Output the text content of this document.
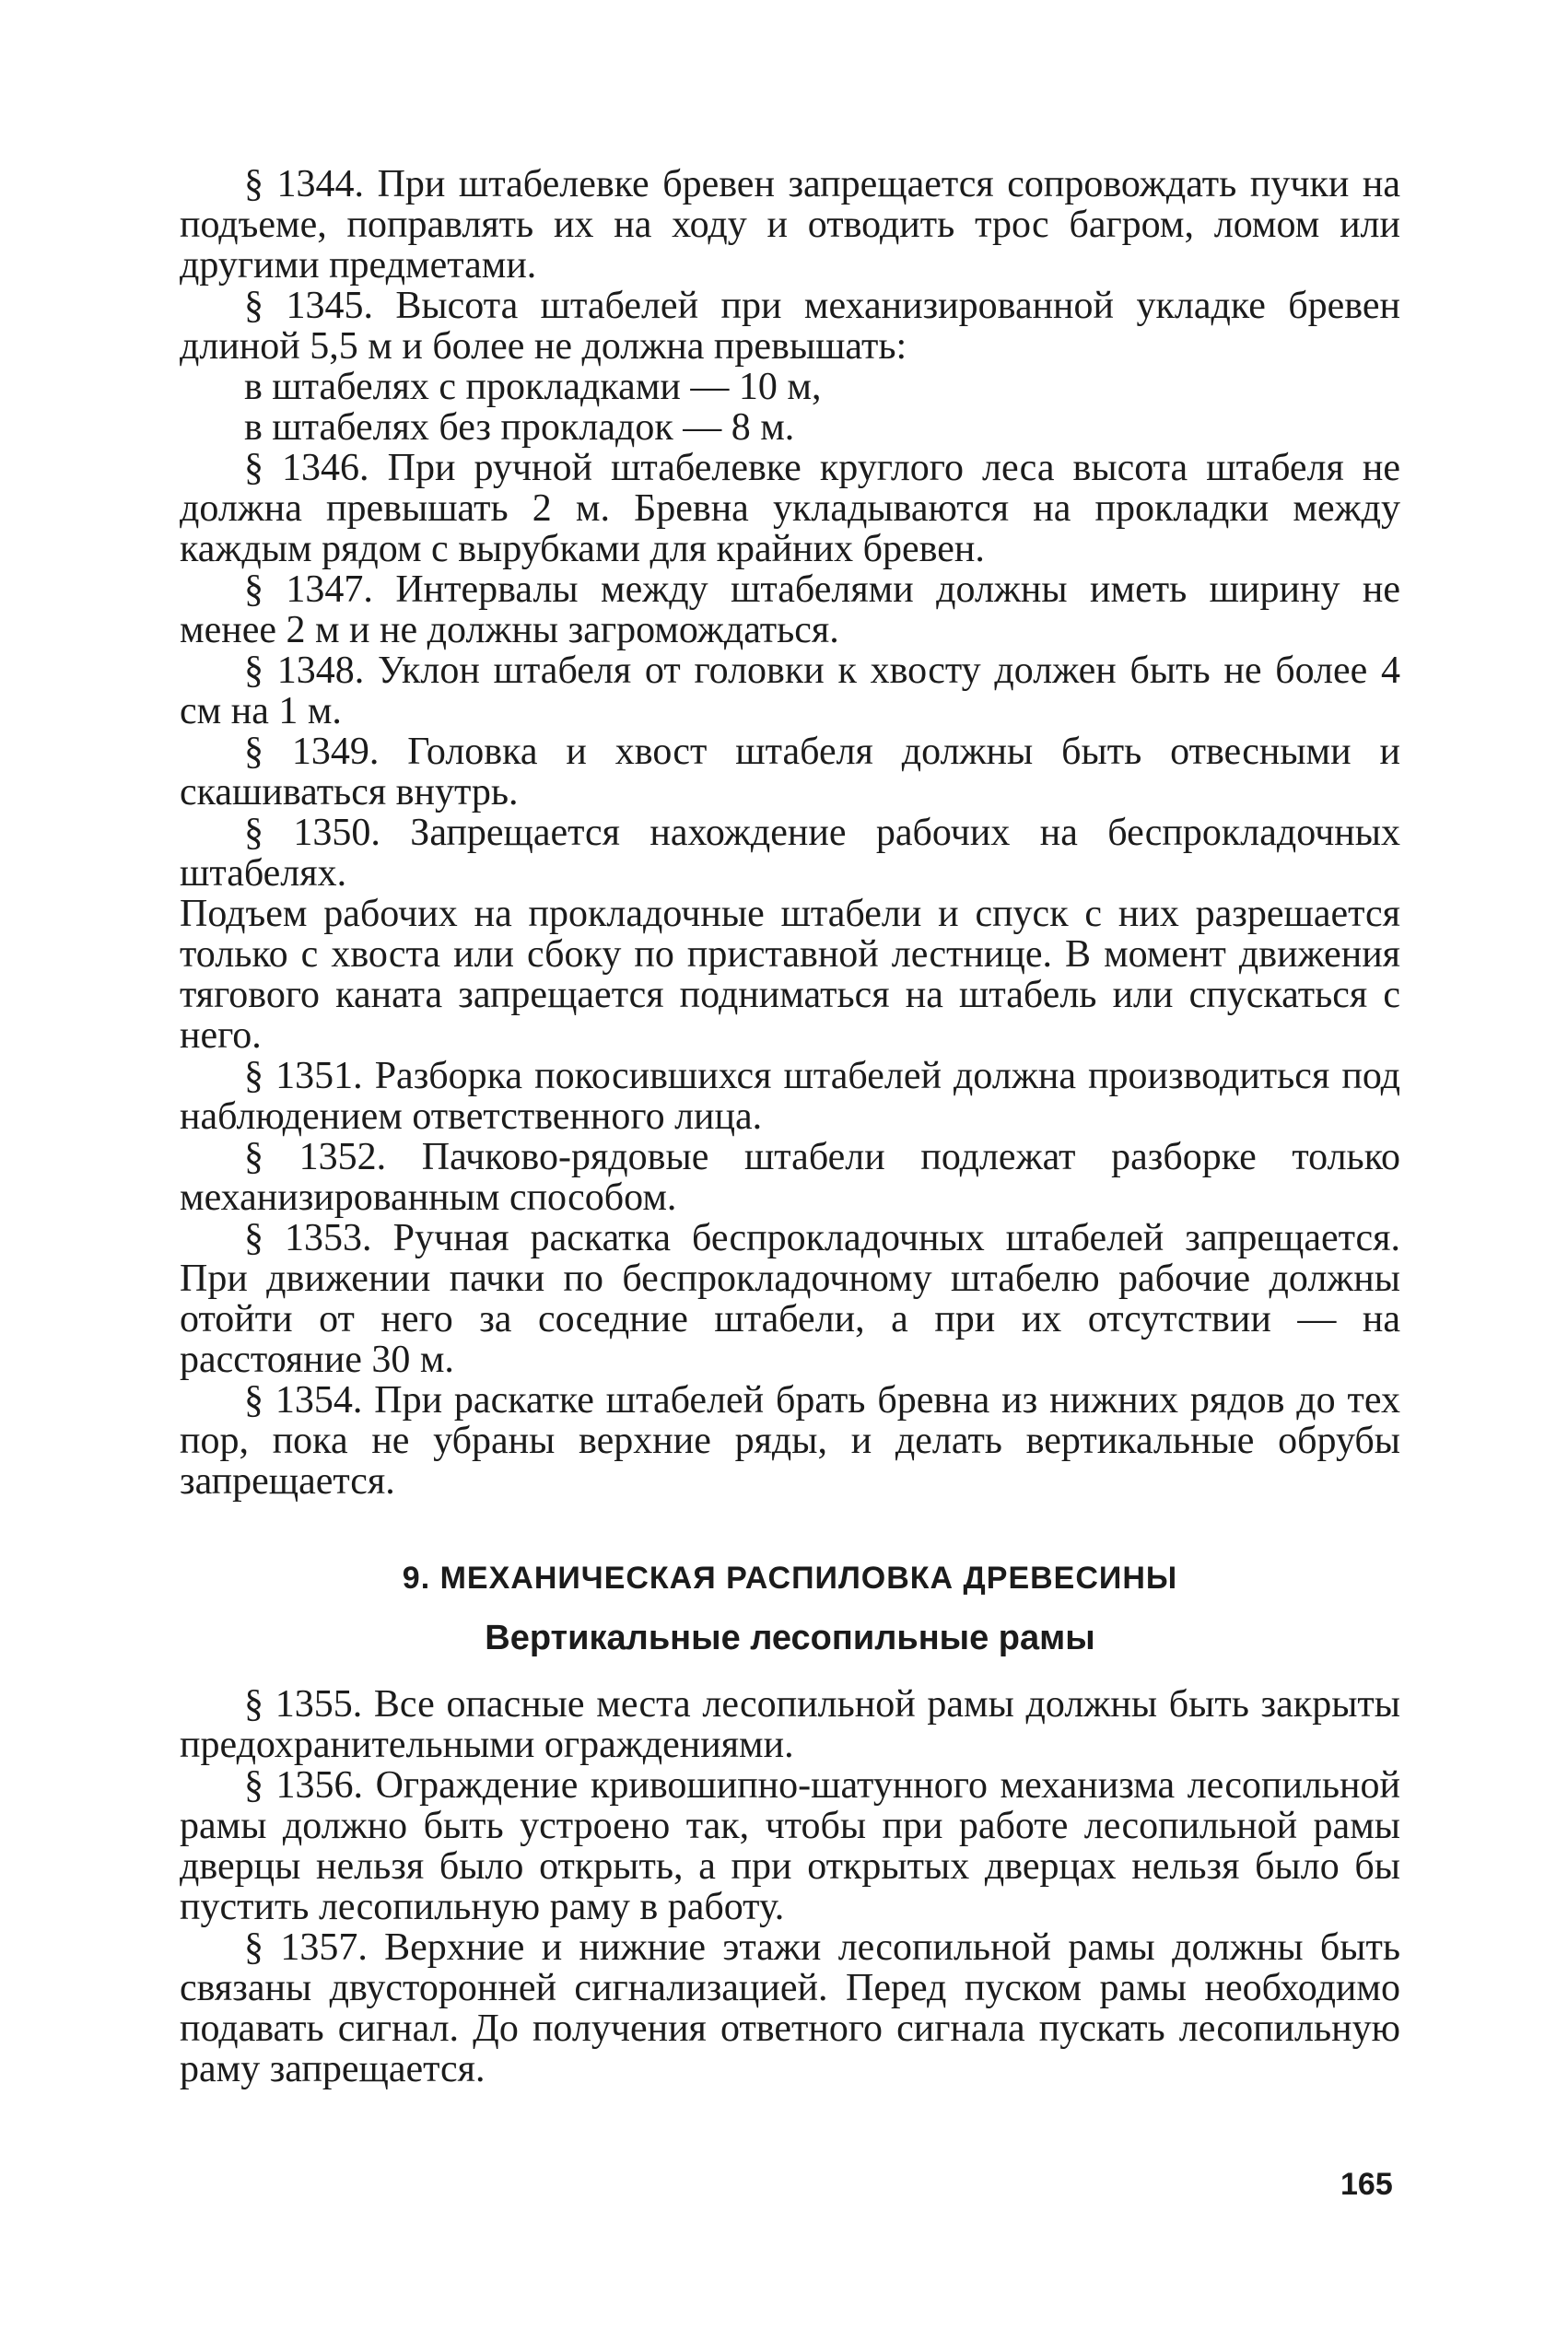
§ 1344. При штабелевке бревен запрещается сопровождать пучки на подъеме, поправлять их на ходу и отводить трос багром, ломом или другими предметами.

§ 1345. Высота штабелей при механизированной укладке бревен длиной 5,5 м и более не должна превышать:

в штабелях с прокладками — 10 м,

в штабелях без прокладок — 8 м.

§ 1346. При ручной штабелевке круглого леса высота штабеля не должна превышать 2 м. Бревна укладываются на прокладки между каждым рядом с вырубками для крайних бревен.

§ 1347. Интервалы между штабелями должны иметь ширину не менее 2 м и не должны загромождаться.

§ 1348. Уклон штабеля от головки к хвосту должен быть не более 4 см на 1 м.

§ 1349. Головка и хвост штабеля должны быть отвесными и скашиваться внутрь.

§ 1350. Запрещается нахождение рабочих на беспрокладочных штабелях.

Подъем рабочих на прокладочные штабели и спуск с них разрешается только с хвоста или сбоку по приставной лестнице. В момент движения тягового каната запрещается подниматься на штабель или спускаться с него.

§ 1351. Разборка покосившихся штабелей должна производиться под наблюдением ответственного лица.

§ 1352. Пачково-рядовые штабели подлежат разборке только механизированным способом.

§ 1353. Ручная раскатка беспрокладочных штабелей запрещается. При движении пачки по беспрокладочному штабелю рабочие должны отойти от него за соседние штабели, а при их отсутствии — на расстояние 30 м.

§ 1354. При раскатке штабелей брать бревна из нижних рядов до тех пор, пока не убраны верхние ряды, и делать вертикальные обрубы запрещается.

9. МЕХАНИЧЕСКАЯ РАСПИЛОВКА ДРЕВЕСИНЫ
Вертикальные лесопильные рамы

§ 1355. Все опасные места лесопильной рамы должны быть закрыты предохранительными ограждениями.

§ 1356. Ограждение кривошипно-шатунного механизма лесопильной рамы должно быть устроено так, чтобы при работе лесопильной рамы дверцы нельзя было открыть, а при открытых дверцах нельзя было бы пустить лесопильную раму в работу.

§ 1357. Верхние и нижние этажи лесопильной рамы должны быть связаны двусторонней сигнализацией. Перед пуском рамы необходимо подавать сигнал. До получения ответного сигнала пускать лесопильную раму запрещается.

165
